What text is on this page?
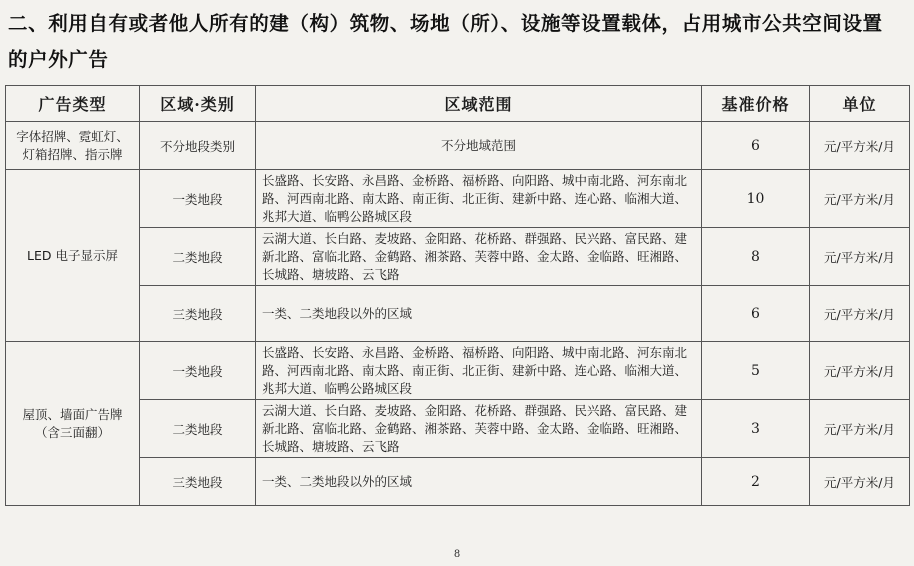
二、利用自有或者他人所有的建（构）筑物、场地（所）、设施等设置载体，占用城市公共空间设置
的户外广告
广告类型	区域·类别	区域范围	基准价格	单位
字体招牌、霓虹灯、灯箱招牌、指示牌	不分地段类别	不分地域范围	6	元/平方米/月
LED 电子显示屏	一类地段	长盛路、长安路、永昌路、金桥路、福桥路、向阳路、城中南北路、河东南北路、河西南北路、南太路、南正街、北正街、建新中路、连心路、临湘大道、兆邦大道、临鸭公路城区段	10	元/平方米/月
	二类地段	云湖大道、长白路、麦坡路、金阳路、花桥路、群强路、民兴路、富民路、建新北路、富临北路、金鹤路、湘茶路、芙蓉中路、金太路、金临路、旺湘路、长城路、塘坡路、云飞路	8	元/平方米/月
	三类地段	一类、二类地段以外的区域	6	元/平方米/月
屋顶、墙面广告牌（含三面翻）	一类地段	长盛路、长安路、永昌路、金桥路、福桥路、向阳路、城中南北路、河东南北路、河西南北路、南太路、南正街、北正街、建新中路、连心路、临湘大道、兆邦大道、临鸭公路城区段	5	元/平方米/月
	二类地段	云湖大道、长白路、麦坡路、金阳路、花桥路、群强路、民兴路、富民路、建新北路、富临北路、金鹤路、湘茶路、芙蓉中路、金太路、金临路、旺湘路、长城路、塘坡路、云飞路	3	元/平方米/月
	三类地段	一类、二类地段以外的区域	2	元/平方米/月
8
